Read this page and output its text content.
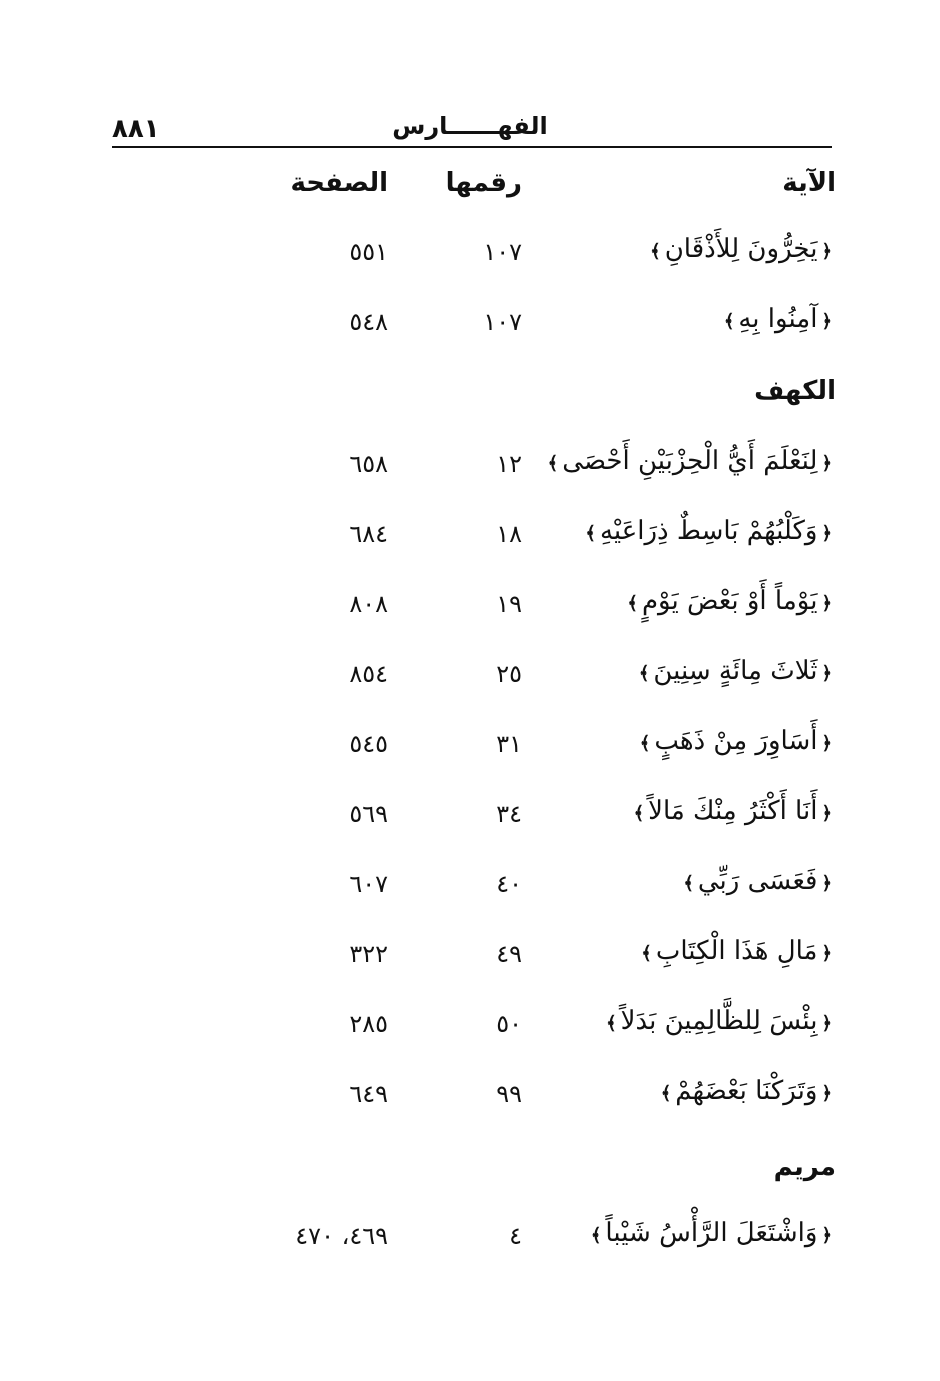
الفهــــــارس
٨٨١
الآية
رقمها
الصفحة
﴿يَخِرُّونَ لِلأَذْقَانِ﴾
١٠٧
٥٥١
﴿آمِنُوا بِهِ﴾
١٠٧
٥٤٨
الكهف
﴿لِنَعْلَمَ أَيُّ الْحِزْبَيْنِ أَحْصَى﴾
١٢
٦٥٨
﴿وَكَلْبُهُمْ بَاسِطٌ ذِرَاعَيْهِ﴾
١٨
٦٨٤
﴿يَوْماً أَوْ بَعْضَ يَوْمٍ﴾
١٩
٨٠٨
﴿ثَلاثَ مِائَةٍ سِنِينَ﴾
٢٥
٨٥٤
﴿أَسَاوِرَ مِنْ ذَهَبٍ﴾
٣١
٥٤٥
﴿أَنَا أَكْثَرُ مِنْكَ مَالاً﴾
٣٤
٥٦٩
﴿فَعَسَى رَبِّي﴾
٤٠
٦٠٧
﴿مَالِ هَذَا الْكِتَابِ﴾
٤٩
٣٢٢
﴿بِئْسَ لِلظَّالِمِينَ بَدَلاً﴾
٥٠
٢٨٥
﴿وَتَرَكْنَا بَعْضَهُمْ﴾
٩٩
٦٤٩
مريم
﴿وَاشْتَعَلَ الرَّأْسُ شَيْباً﴾
٤
٤٦٩، ٤٧٠
